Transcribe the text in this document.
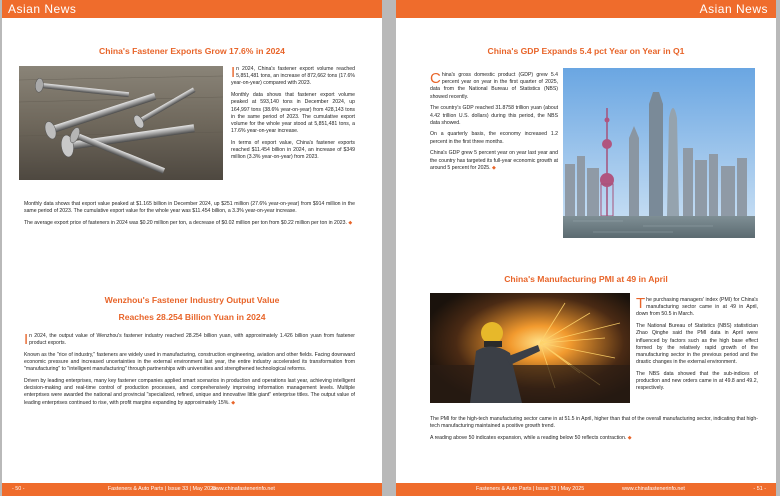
Asian News
China's Fastener Exports Grow 17.6% in 2024

In 2024, China's fastener export volume reached 5,851,481 tons, an increase of 872,662 tons (17.6% year-on-year) compared with 2023.

Monthly data shows that fastener export volume peaked at 593,140 tons in December 2024, up 164,997 tons (38.6% year-on-year) from 428,143 tons in the same period of 2023. The cumulative export volume for the whole year stood at 5,851,481 tons, a 17.6% year-on-year increase.

In terms of export value, China's fastener exports reached $11.454 billion in 2024, an increase of $349 million (3.3% year-on-year) from 2023.

Monthly data shows that export value peaked at $1.165 billion in December 2024, up $251 million (27.6% year-on-year) from $914 million in the same period of 2023. The cumulative export value for the whole year was $11.454 billion, a 3.3% year-on-year increase.

The average export price of fasteners in 2024 was $0.20 million per ton, a decrease of $0.02 million per ton from $0.22 million per ton in 2023. ◆

Wenzhou's Fastener Industry Output Value
Reaches 28.254 Billion Yuan in 2024

In 2024, the output value of Wenzhou's fastener industry reached 28.254 billion yuan, with approximately 1.426 billion yuan from fastener product exports.

Known as the "rice of industry," fasteners are widely used in manufacturing, construction engineering, aviation and other fields. Facing downward economic pressure and increased uncertainties in the external environment last year, the entire industry accelerated its transformation from "manufacturing" to "intelligent manufacturing" through partnerships with universities and strengthened technological reforms.

Driven by leading enterprises, many key fastener companies applied smart scenarios in production and operations last year, achieving intelligent decision-making and real-time control of production processes, and comprehensively improving information management levels. Multiple enterprises were awarded the national and provincial "specialized, refined, unique and innovative little giant" enterprise titles. The output value of leading enterprises continued to rise, with profit margins expanding by approximately 15%. ◆

- 50 -	Fasteners & Auto Parts | Issue 33 | May 2025
www.chinafastenerinfo.net
Asian News
China's GDP Expands 5.4 pct Year on Year in Q1

China's gross domestic product (GDP) grew 5.4 percent year on year in the first quarter of 2025, data from the National Bureau of Statistics (NBS) showed recently.

The country's GDP reached 31.8758 trillion yuan (about 4.42 trillion U.S. dollars) during this period, the NBS data showed.

On a quarterly basis, the economy increased 1.2 percent in the first three months.

China's GDP grew 5 percent year on year last year and the country has targeted its full-year economic growth at around 5 percent for 2025. ◆

China's Manufacturing PMI at 49 in April

The purchasing managers' index (PMI) for China's manufacturing sector came in at 49 in April, down from 50.5 in March.

The National Bureau of Statistics (NBS) statistician Zhao Qinghe said the PMI data in April were influenced by factors such as the high base effect formed by the relatively rapid growth of the manufacturing sector in the previous period and the drastic changes in the external environment.

The NBS data showed that the sub-indices of production and new orders came in at 49.8 and 49.2, respectively.

The PMI for the high-tech manufacturing sector came in at 51.5 in April, higher than that of the overall manufacturing sector, indicating that high-tech manufacturing maintained a positive growth trend.

A reading above 50 indicates expansion, while a reading below 50 reflects contraction. ◆

Fasteners & Auto Parts | Issue 33 | May 2025	www.chinafastenerinfo.net	- 51 -
